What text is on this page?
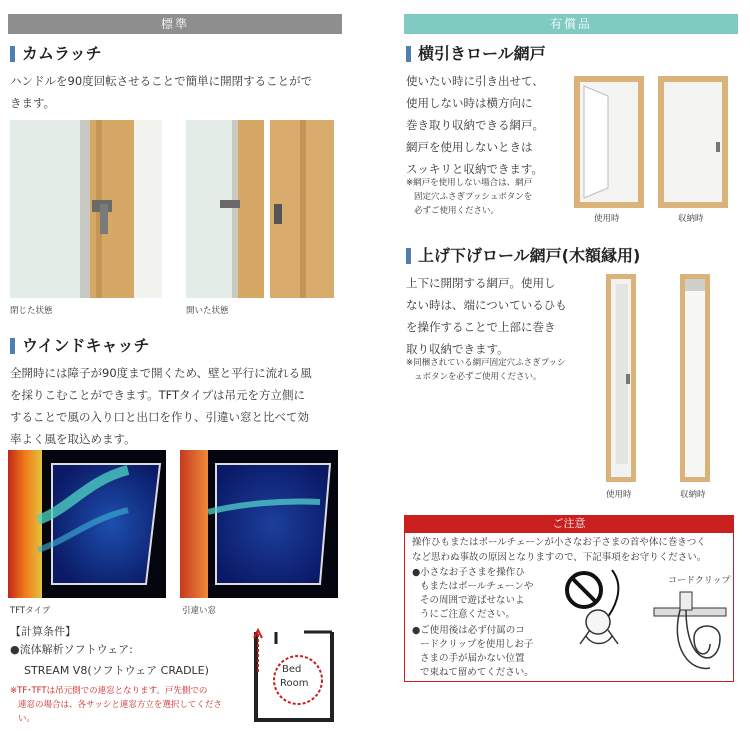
標準
カムラッチ
ハンドルを90度回転させることで簡単に開閉することがで
きます。
閉じた状態	開いた状態
ウインドキャッチ
全開時には障子が90度まで開くため、壁と平行に流れる風
を採りこむことができます。TFTタイプは吊元を方立側に
することで風の入り口と出口を作り、引違い窓と比べて効
率よく風を取込めます。
TFTタイプ	引違い窓
【計算条件】
●流体解析ソフトウェア:
STREAM V8(ソフトウェア CRADLE)
※TF･TFTは吊元側での連窓となります。戸先側での
連窓の場合は、各サッシと連窓方立を選択してくださ
い。
Bed
Room
有償品
横引きロール網戸
使いたい時に引き出せて、
使用しない時は横方向に
巻き取り収納できる網戸。
網戸を使用しないときは
スッキリと収納できます。
※網戸を使用しない場合は、網戸
固定穴ふさぎプッシュボタンを
必ずご使用ください。
使用時	収納時
上げ下げロール網戸(木額縁用)
上下に開閉する網戸。使用し
ない時は、端についているひも
を操作することで上部に巻き
取り収納できます。
※同梱されている網戸固定穴ふさぎプッシ
ュボタンを必ずご使用ください。
使用時	収納時
ご注意
操作ひもまたはボールチェーンが小さなお子さまの首や体に巻きつく
など思わぬ事故の原因となりますので、下記事項をお守りください。
●小さなお子さまを操作ひ
もまたはボールチェーンや
その周囲で遊ばせないよ
うにご注意ください。
●ご使用後は必ず付属のコ
ードクリップを使用しお子
さまの手が届かない位置
で束ねて留めてください。
コードクリップ
